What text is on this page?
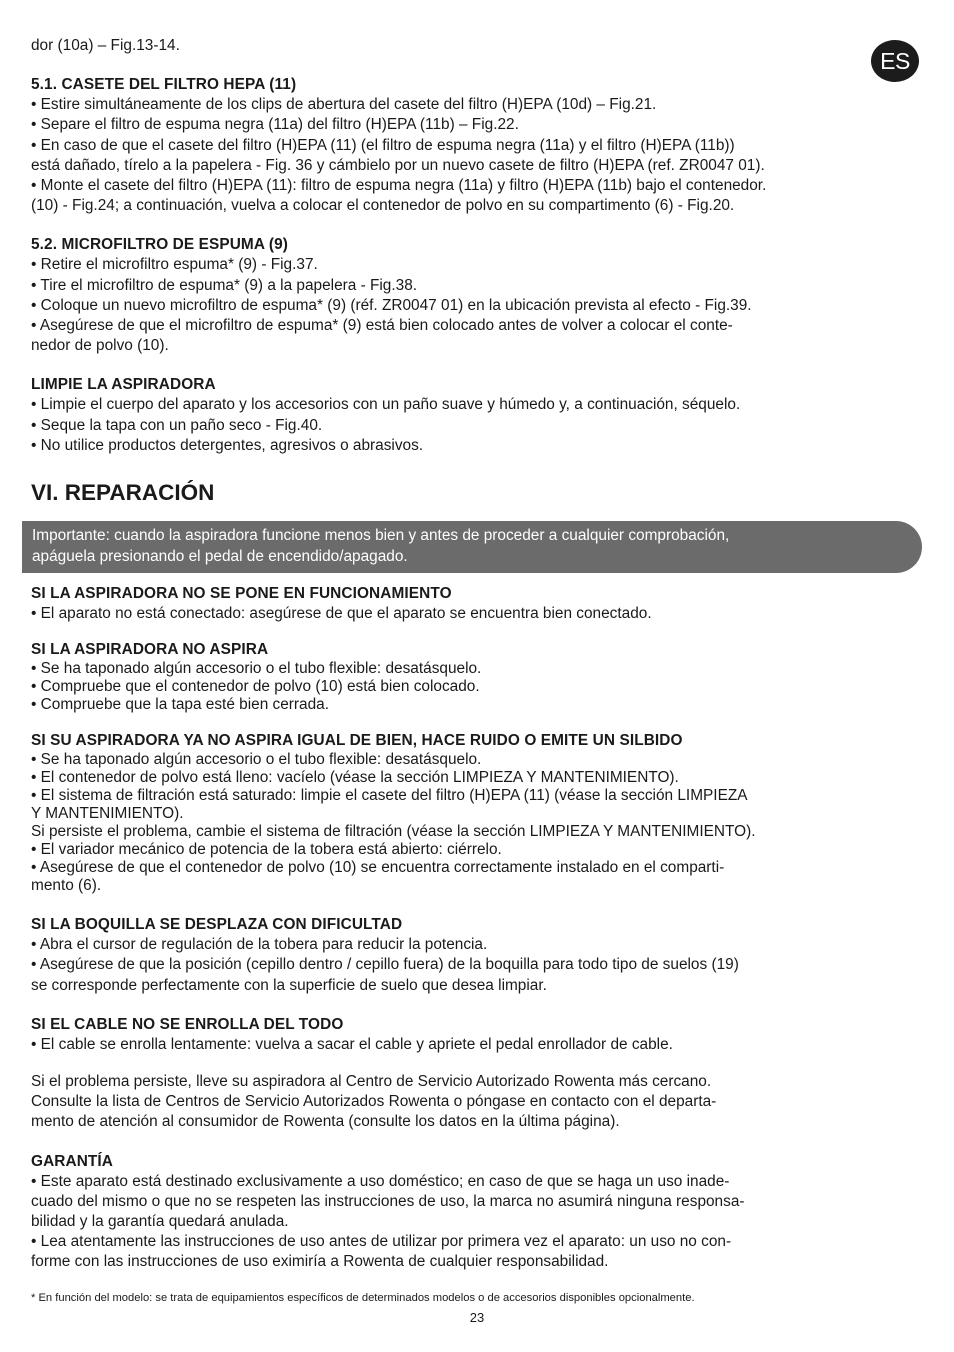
ES

dor (10a) – Fig.13-14.

5.1. CASETE DEL FILTRO HEPA (11)

• Estire simultáneamente de los clips de abertura del casete del filtro (H)EPA (10d) – Fig.21.

• Separe el filtro de espuma negra (11a) del filtro (H)EPA (11b) – Fig.22.

• En caso de que el casete del filtro (H)EPA (11) (el filtro de espuma negra (11a) y el filtro (H)EPA (11b))
está dañado, tírelo a la papelera - Fig. 36 y cámbielo por un nuevo casete de filtro (H)EPA (ref. ZR0047 01).

• Monte el casete del filtro (H)EPA (11): filtro de espuma negra (11a) y filtro (H)EPA (11b) bajo el contenedor.
(10) - Fig.24; a continuación, vuelva a colocar el contenedor de polvo en su compartimento (6) - Fig.20.

5.2. MICROFILTRO DE ESPUMA (9)

• Retire el microfiltro espuma* (9) - Fig.37.

• Tire el microfiltro de espuma* (9) a la papelera - Fig.38.

• Coloque un nuevo microfiltro de espuma* (9) (réf. ZR0047 01) en la ubicación prevista al efecto - Fig.39.

• Asegúrese de que el microfiltro de espuma* (9) está bien colocado antes de volver a colocar el conte-
nedor de polvo (10).

LIMPIE LA ASPIRADORA

• Limpie el cuerpo del aparato y los accesorios con un paño suave y húmedo y, a continuación, séquelo.

• Seque la tapa con un paño seco - Fig.40.

• No utilice productos detergentes, agresivos o abrasivos.

VI. REPARACIÓN
Importante: cuando la aspiradora funcione menos bien y antes de proceder a cualquier comprobación,
apáguela presionando el pedal de encendido/apagado.

SI LA ASPIRADORA NO SE PONE EN FUNCIONAMIENTO

• El aparato no está conectado: asegúrese de que el aparato se encuentra bien conectado.

SI LA ASPIRADORA NO ASPIRA

• Se ha taponado algún accesorio o el tubo flexible: desatásquelo.

• Compruebe que el contenedor de polvo (10) está bien colocado.

• Compruebe que la tapa esté bien cerrada.

SI SU ASPIRADORA YA NO ASPIRA IGUAL DE BIEN, HACE RUIDO O EMITE UN SILBIDO

• Se ha taponado algún accesorio o el tubo flexible: desatásquelo.

• El contenedor de polvo está lleno: vacíelo (véase la sección LIMPIEZA Y MANTENIMIENTO).

• El sistema de filtración está saturado: limpie el casete del filtro (H)EPA (11) (véase la sección LIMPIEZA
Y MANTENIMIENTO).

Si persiste el problema, cambie el sistema de filtración (véase la sección LIMPIEZA Y MANTENIMIENTO).

• El variador mecánico de potencia de la tobera está abierto: ciérrelo.

• Asegúrese de que el contenedor de polvo (10) se encuentra correctamente instalado en el comparti-
mento (6).

SI LA BOQUILLA SE DESPLAZA CON DIFICULTAD

• Abra el cursor de regulación de la tobera para reducir la potencia.

• Asegúrese de que la posición (cepillo dentro / cepillo fuera) de la boquilla para todo tipo de suelos (19)
se corresponde perfectamente con la superficie de suelo que desea limpiar.

SI EL CABLE NO SE ENROLLA DEL TODO

• El cable se enrolla lentamente: vuelva a sacar el cable y apriete el pedal enrollador de cable.

Si el problema persiste, lleve su aspiradora al Centro de Servicio Autorizado Rowenta más cercano.
Consulte la lista de Centros de Servicio Autorizados Rowenta o póngase en contacto con el departa-
mento de atención al consumidor de Rowenta (consulte los datos en la última página).

GARANTÍA

• Este aparato está destinado exclusivamente a uso doméstico; en caso de que se haga un uso inade-
cuado del mismo o que no se respeten las instrucciones de uso, la marca no asumirá ninguna responsa-
bilidad y la garantía quedará anulada.

• Lea atentamente las instrucciones de uso antes de utilizar por primera vez el aparato: un uso no con-
forme con las instrucciones de uso eximiría a Rowenta de cualquier responsabilidad.

* En función del modelo: se trata de equipamientos específicos de determinados modelos o de accesorios disponibles opcionalmente.

23
